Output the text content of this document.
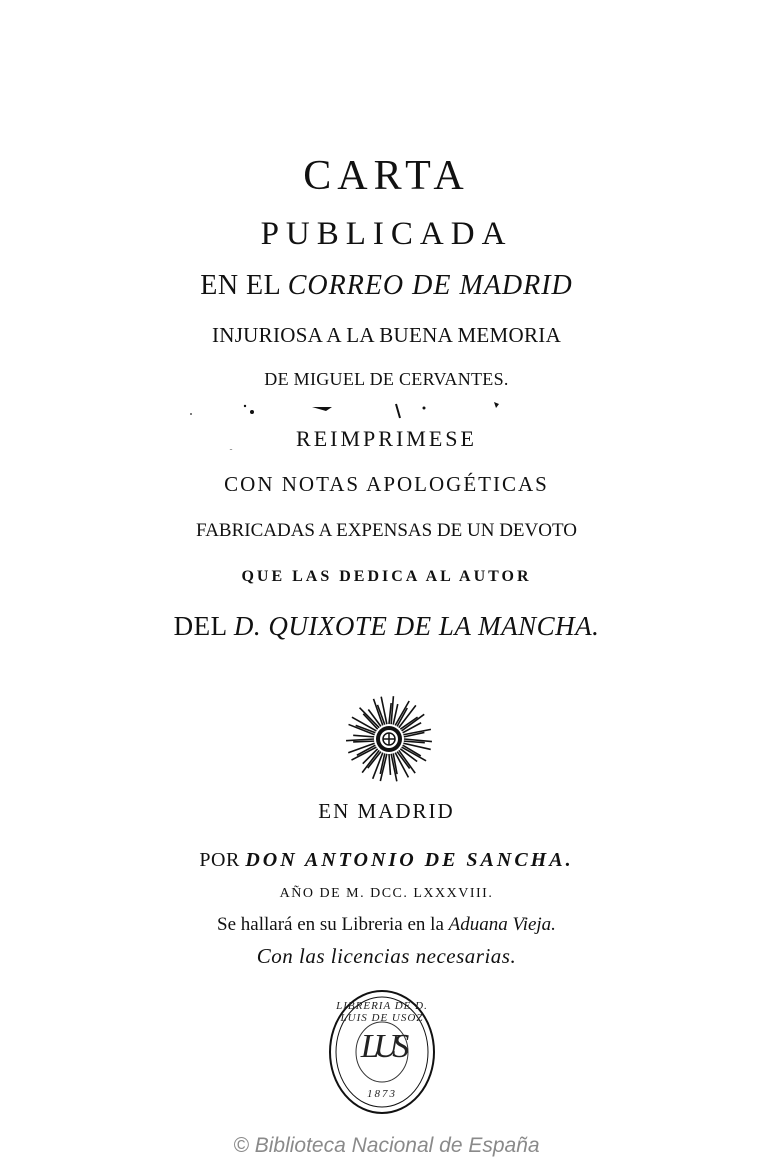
CARTA
PUBLICADA
EN EL CORREO DE MADRID
INJURIOSA A LA BUENA MEMORIA
DE MIGUEL DE CERVANTES.
REIMPRIMESE
CON NOTAS APOLOGÉTICAS
FABRICADAS A EXPENSAS DE UN DEVOTO
QUE LAS DEDICA AL AUTOR
DEL D. QUIXOTE DE LA MANCHA.
EN MADRID
POR DON ANTONIO DE SANCHA.
AÑO DE M. DCC. LXXXVIII.
Se hallará en su Libreria en la Aduana Vieja.
Con las licencias necesarias.
LIBRERIA DE D. LUIS DE USOZ
LUS
1873
© Biblioteca Nacional de España
